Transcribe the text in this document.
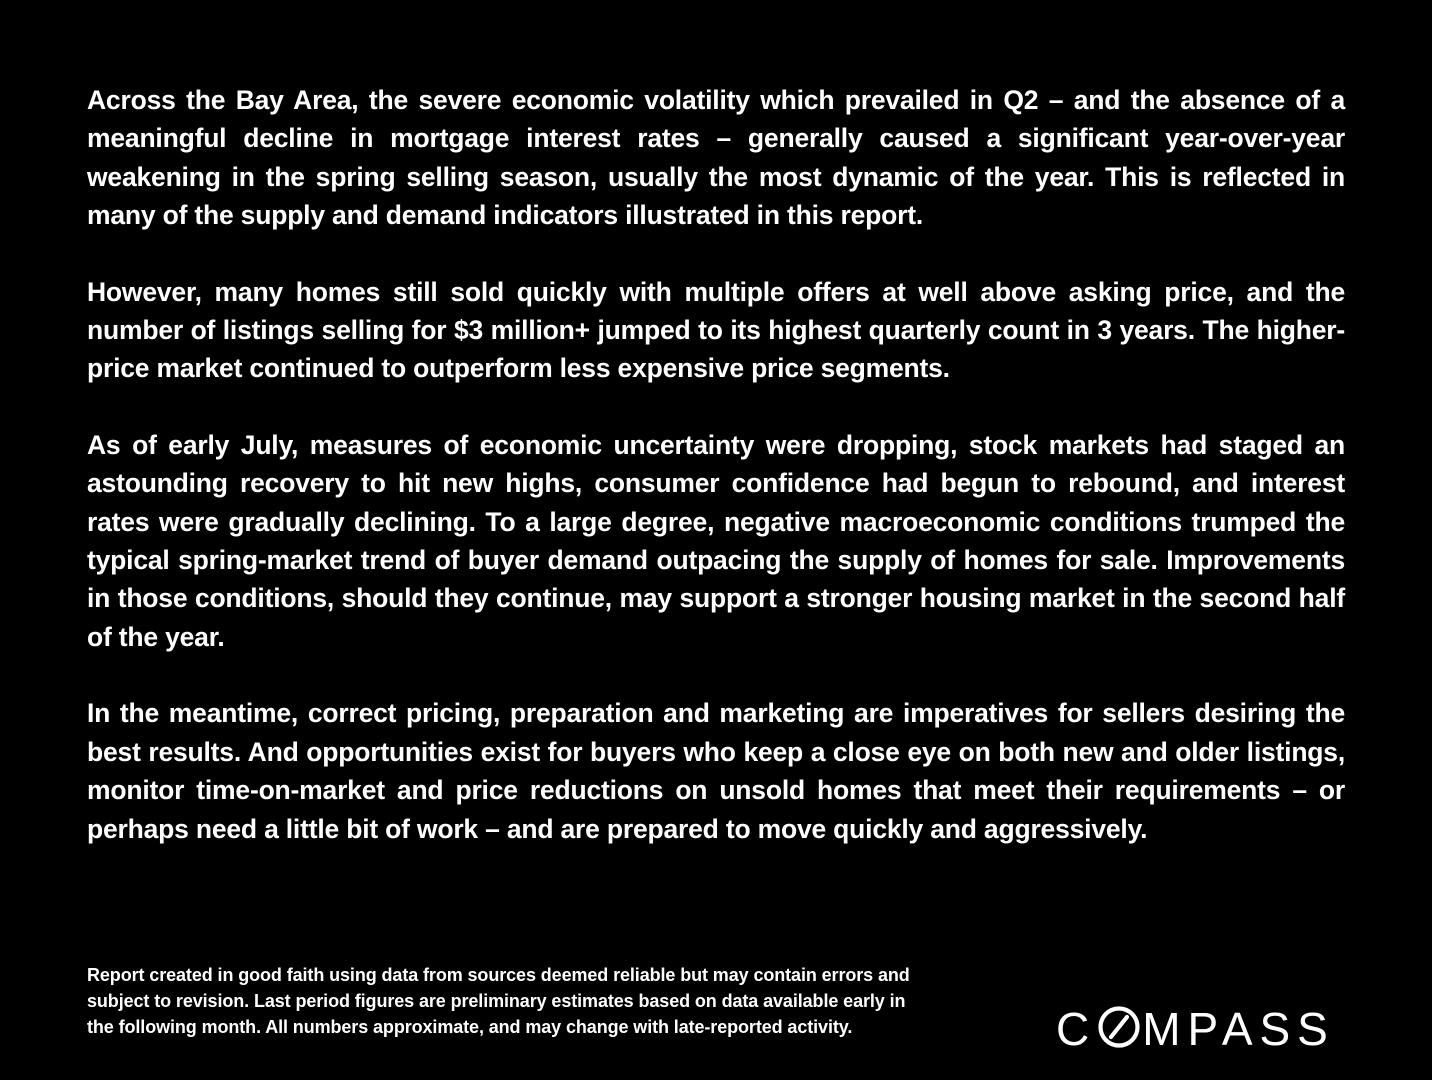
Across the Bay Area, the severe economic volatility which prevailed in Q2 – and the absence of a meaningful decline in mortgage interest rates – generally caused a significant year-over-year weakening in the spring selling season, usually the most dynamic of the year. This is reflected in many of the supply and demand indicators illustrated in this report.

However, many homes still sold quickly with multiple offers at well above asking price, and the number of listings selling for $3 million+ jumped to its highest quarterly count in 3 years. The higher-price market continued to outperform less expensive price segments.

As of early July, measures of economic uncertainty were dropping, stock markets had staged an astounding recovery to hit new highs, consumer confidence had begun to rebound, and interest rates were gradually declining. To a large degree, negative macroeconomic conditions trumped the typical spring-market trend of buyer demand outpacing the supply of homes for sale. Improvements in those conditions, should they continue, may support a stronger housing market in the second half of the year.

In the meantime, correct pricing, preparation and marketing are imperatives for sellers desiring the best results. And opportunities exist for buyers who keep a close eye on both new and older listings, monitor time-on-market and price reductions on unsold homes that meet their requirements – or perhaps need a little bit of work – and are prepared to move quickly and aggressively.

Report created in good faith using data from sources deemed reliable but may contain errors and
subject to revision. Last period figures are preliminary estimates based on data available early in
the following month. All numbers approximate, and may change with late-reported activity.	C MPASS
